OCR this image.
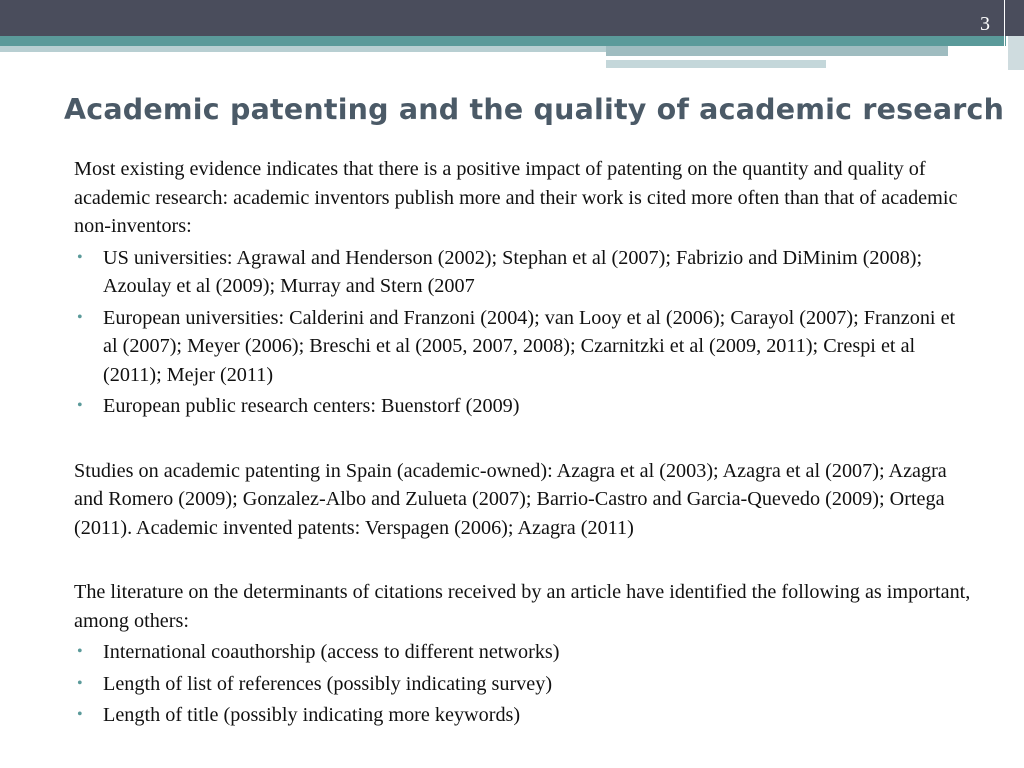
3
Academic patenting and the quality of academic research

Most existing evidence indicates that there is a positive impact of patenting on the quantity and quality of academic research: academic inventors publish more and their work is cited more often than that of academic non-inventors:

• US universities: Agrawal and Henderson (2002); Stephan et al (2007); Fabrizio and DiMinim (2008); Azoulay et al (2009); Murray and Stern (2007
• European universities: Calderini and Franzoni (2004); van Looy et al (2006); Carayol (2007); Franzoni et al (2007); Meyer (2006); Breschi et al (2005, 2007, 2008); Czarnitzki et al (2009, 2011); Crespi et al (2011); Mejer (2011)
• European public research centers: Buenstorf (2009)

Studies on academic patenting in Spain (academic-owned): Azagra et al (2003); Azagra et al (2007); Azagra and Romero (2009); Gonzalez-Albo and Zulueta (2007); Barrio-Castro and Garcia-Quevedo (2009); Ortega (2011). Academic invented patents: Verspagen (2006); Azagra (2011)

The literature on the determinants of citations received by an article have identified the following as important, among others:

• International coauthorship (access to different networks)
• Length of list of references (possibly indicating survey)
• Length of title (possibly indicating more keywords)
